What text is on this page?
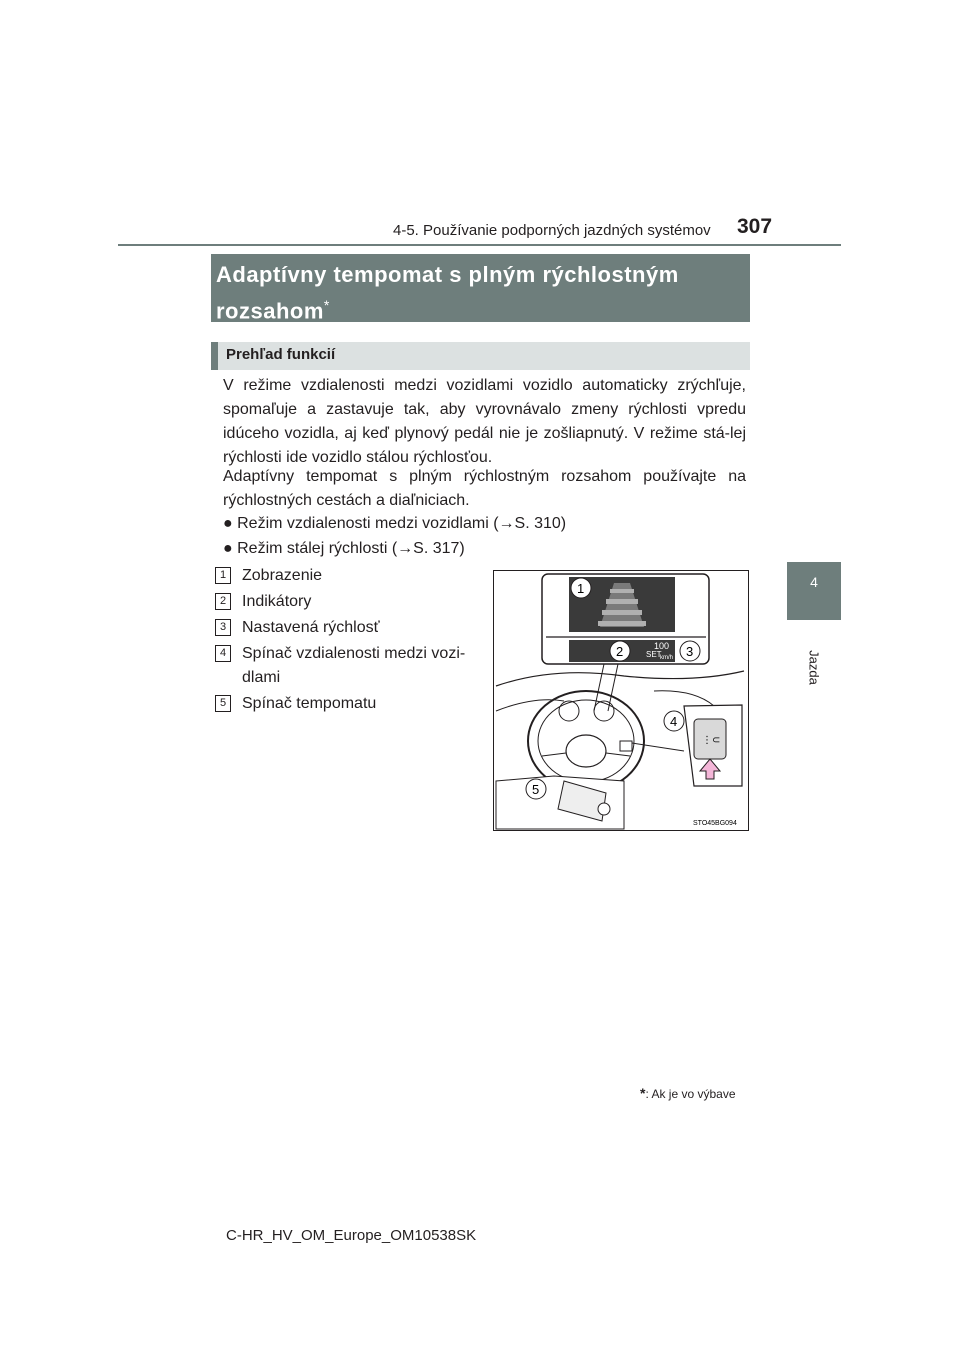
4-5. Používanie podporných jazdných systémov 307
4
Jazda
Adaptívny tempomat s plným rýchlostným rozsahom*
Prehľad funkcií
V režime vzdialenosti medzi vozidlami vozidlo automaticky zrýchľuje, spomaľuje a zastavuje tak, aby vyrovnávalo zmeny rýchlosti vpredu idúceho vozidla, aj keď plynový pedál nie je zošliapnutý. V režime stá-lej rýchlosti ide vozidlo stálou rýchlosťou.
Adaptívny tempomat s plným rýchlostným rozsahom používajte na rýchlostných cestách a diaľniciach.
● Režim vzdialenosti medzi vozidlami (→S. 310)
● Režim stálej rýchlosti (→S. 317)
1 Zobrazenie
2 Indikátory
3 Nastavená rýchlosť
4 Spínač vzdialenosti medzi vozi-
dlami
5 Spínač tempomatu
SET
100
km/h
1
2	3
4
⋮⊂
5
STO45BG094
*: Ak je vo výbave
C-HR_HV_OM_Europe_OM10538SK
